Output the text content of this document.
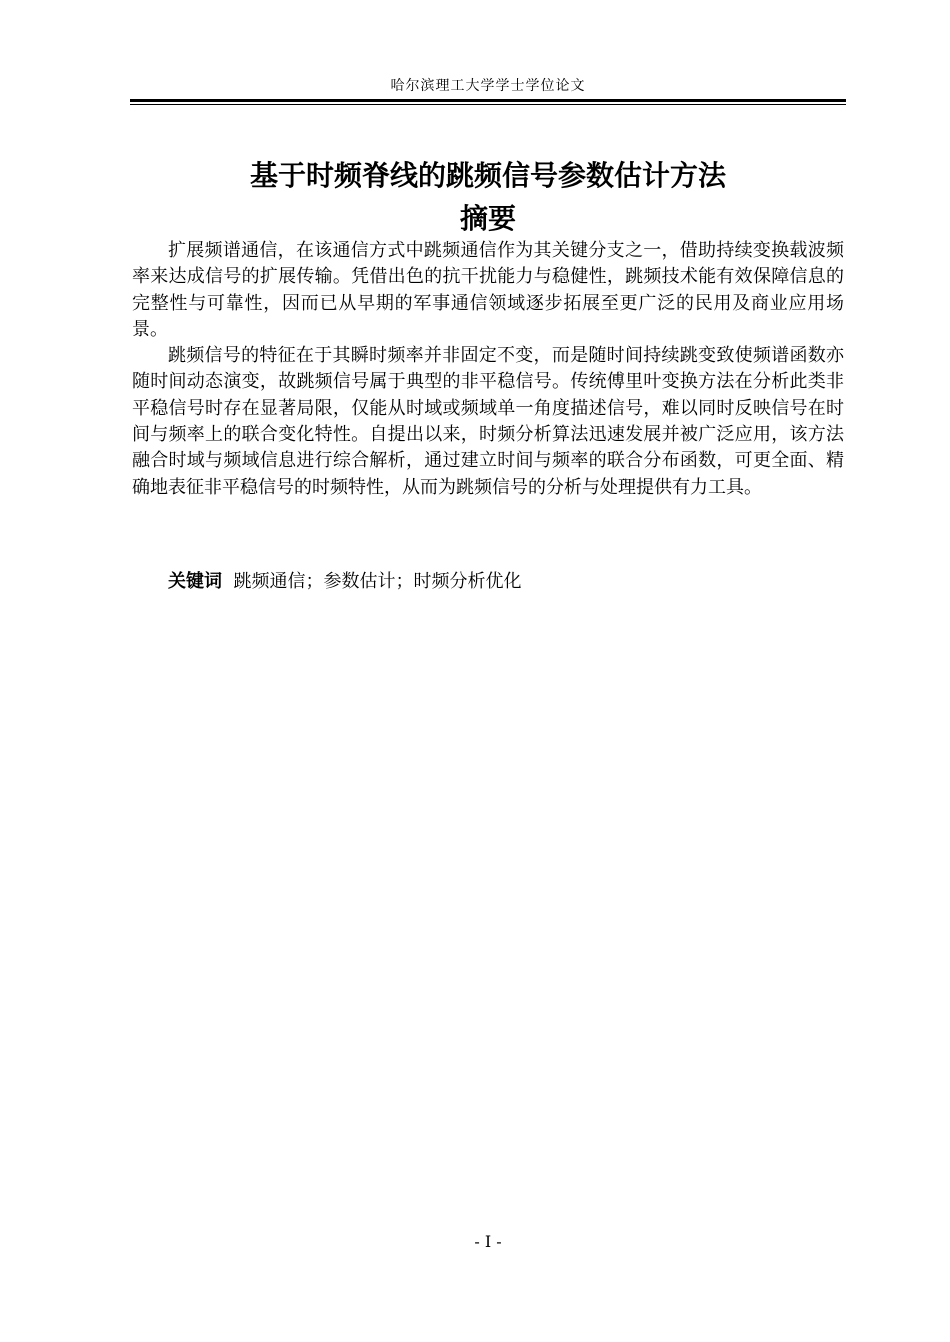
哈尔滨理工大学学士学位论文
基于时频脊线的跳频信号参数估计方法
摘要

扩展频谱通信，在该通信方式中跳频通信作为其关键分支之一，借助持续变换载波频率来达成信号的扩展传输。凭借出色的抗干扰能力与稳健性，跳频技术能有效保障信息的完整性与可靠性，因而已从早期的军事通信领域逐步拓展至更广泛的民用及商业应用场景。

跳频信号的特征在于其瞬时频率并非固定不变，而是随时间持续跳变致使频谱函数亦随时间动态演变，故跳频信号属于典型的非平稳信号。传统傅里叶变换方法在分析此类非平稳信号时存在显著局限，仅能从时域或频域单一角度描述信号，难以同时反映信号在时间与频率上的联合变化特性。自提出以来，时频分析算法迅速发展并被广泛应用，该方法融合时域与频域信息进行综合解析，通过建立时间与频率的联合分布函数，可更全面、精确地表征非平稳信号的时频特性，从而为跳频信号的分析与处理提供有力工具。

关键词 跳频通信；参数估计；时频分析优化
- I -
